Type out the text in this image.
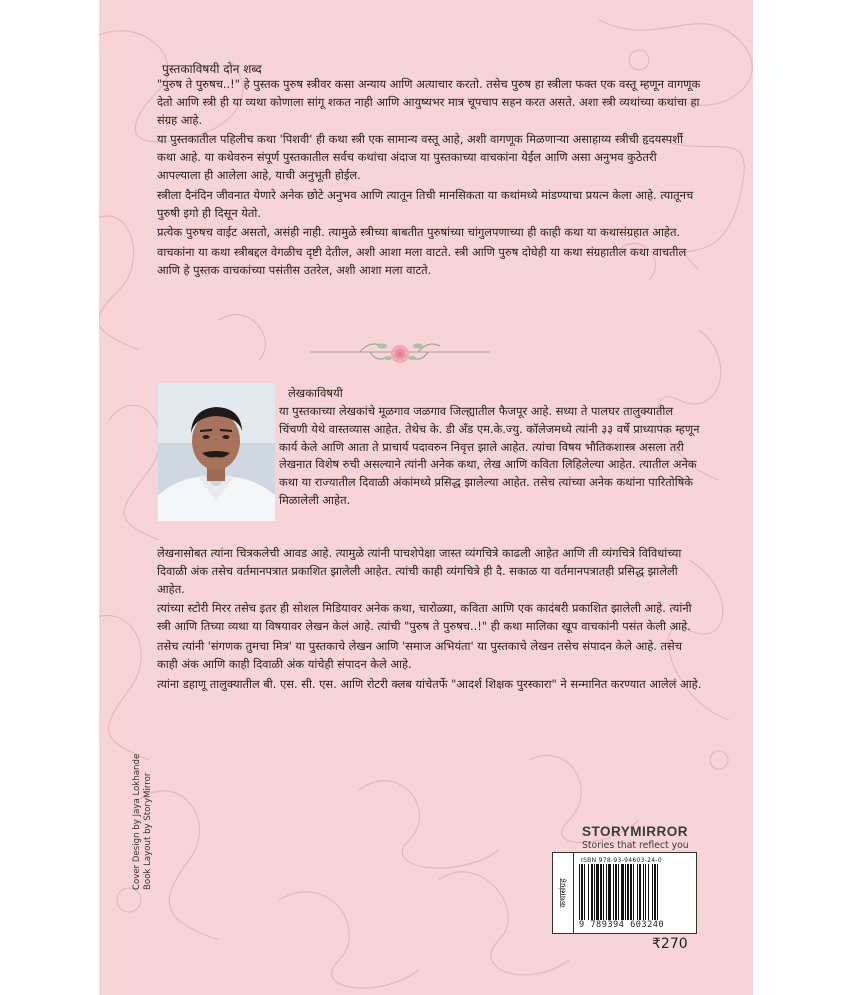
पुस्तकाविषयी दोन शब्द

"पुरुष ते पुरुषच..!" हे पुस्तक पुरुष स्त्रीवर कसा अन्याय आणि अत्याचार करतो. तसेच पुरुष हा स्त्रीला फक्त एक वस्तू म्हणून वागणूक देतो आणि स्त्री ही या व्यथा कोणाला सांगू शकत नाही आणि आयुष्यभर मात्र चूपचाप सहन करत असते. अशा स्त्री व्यथांच्या कथांचा हा संग्रह आहे.

या पुस्तकातील पहिलीच कथा 'पिशवी' ही कथा स्त्री एक सामान्य वस्तू आहे, अशी वागणूक मिळणाऱ्या असाहाय्य स्त्रीची हृदयस्पर्शी कथा आहे. या कथेवरुन संपूर्ण पुस्तकातील सर्वच कथांचा अंदाज या पुस्तकाच्या वाचकांना येईल आणि असा अनुभव कुठेतरी आपल्याला ही आलेला आहे, याची अनुभूती होईल.

स्त्रीला दैनंदिन जीवनात येणारे अनेक छोटे अनुभव आणि त्यातून तिची मानसिकता या कथांमध्ये मांडण्याचा प्रयत्न केला आहे. त्यातूनच पुरुषी इगो ही दिसून येतो.

प्रत्येक पुरुषच वाईट असतो, असंही नाही. त्यामुळे स्त्रीच्या बाबतीत पुरुषांच्या चांगुलपणाच्या ही काही कथा या कथासंग्रहात आहेत.

वाचकांना या कथा स्त्रीबद्दल वेगळीच दृष्टी देतील, अशी आशा मला वाटते. स्त्री आणि पुरुष दोघेही या कथा संग्रहातील कथा वाचतील आणि हे पुस्तक वाचकांच्या पसंतीस उतरेल, अशी आशा मला वाटते.

लेखकाविषयी

या पुस्तकाच्या लेखकांचे मूळगाव जळगाव जिल्ह्यातील फैजपूर आहे. सध्या ते पालघर तालुक्यातील चिंचणी येथे वास्तव्यास आहेत. तेथेच के. डी अँड एम.के.ज्यु. कॉलेजमध्ये त्यांनी ३३ वर्षे प्राध्यापक म्हणून कार्य केले आणि आता ते प्राचार्य पदावरुन निवृत्त झाले आहेत. त्यांचा विषय भौतिकशास्त्र असला तरी लेखनात विशेष रुची असल्याने त्यांनी अनेक कथा, लेख आणि कविता लिहिलेल्या आहेत. त्यातील अनेक कथा या राज्यातील दिवाळी अंकांमध्ये प्रसिद्ध झालेल्या आहेत. तसेच त्यांच्या अनेक कथांना पारितोषिके मिळालेली आहेत.

लेखनासोबत त्यांना चित्रकलेची आवड आहे. त्यामुळे त्यांनी पाचशेपेक्षा जास्त व्यंगचित्रे काढली आहेत आणि ती व्यंगचित्रे विविधांच्या दिवाळी अंक तसेच वर्तमानपत्रात प्रकाशित झालेली आहेत. त्यांची काही व्यंगचित्रे ही दै. सकाळ या वर्तमानपत्रातही प्रसिद्ध झालेली आहेत.

त्यांच्या स्टोरी मिरर तसेच इतर ही सोशल मिडियावर अनेक कथा, चारोळ्या, कविता आणि एक कादंबरी प्रकाशित झालेली आहे. त्यांनी स्त्री आणि तिच्या व्यथा या विषयावर लेखन केलं आहे. त्यांची "पुरुष ते पुरुषच..!" ही कथा मालिका खूप वाचकांनी पसंत केली आहे.

तसेच त्यांनी 'संगणक तुमचा मित्र' या पुस्तकाचे लेखन आणि 'समाज अभियंता' या पुस्तकाचे लेखन तसेच संपादन केले आहे. तसेच काही अंक आणि काही दिवाळी अंक यांचेही संपादन केले आहे.

त्यांना डहाणू तालुक्यातील बी. एस. सी. एस. आणि रोटरी क्लब यांचेतर्फे "आदर्श शिक्षक पुरस्कारा" ने सन्मानित करण्यात आलेलं आहे.

Cover Design by Jaya Lokhande Book Layout by StoryMirror	STORYMIRROR
Stories that reflect you
कथासंग्रह
ISBN 978-93-94603-24-0
9 789394 603240
₹270
